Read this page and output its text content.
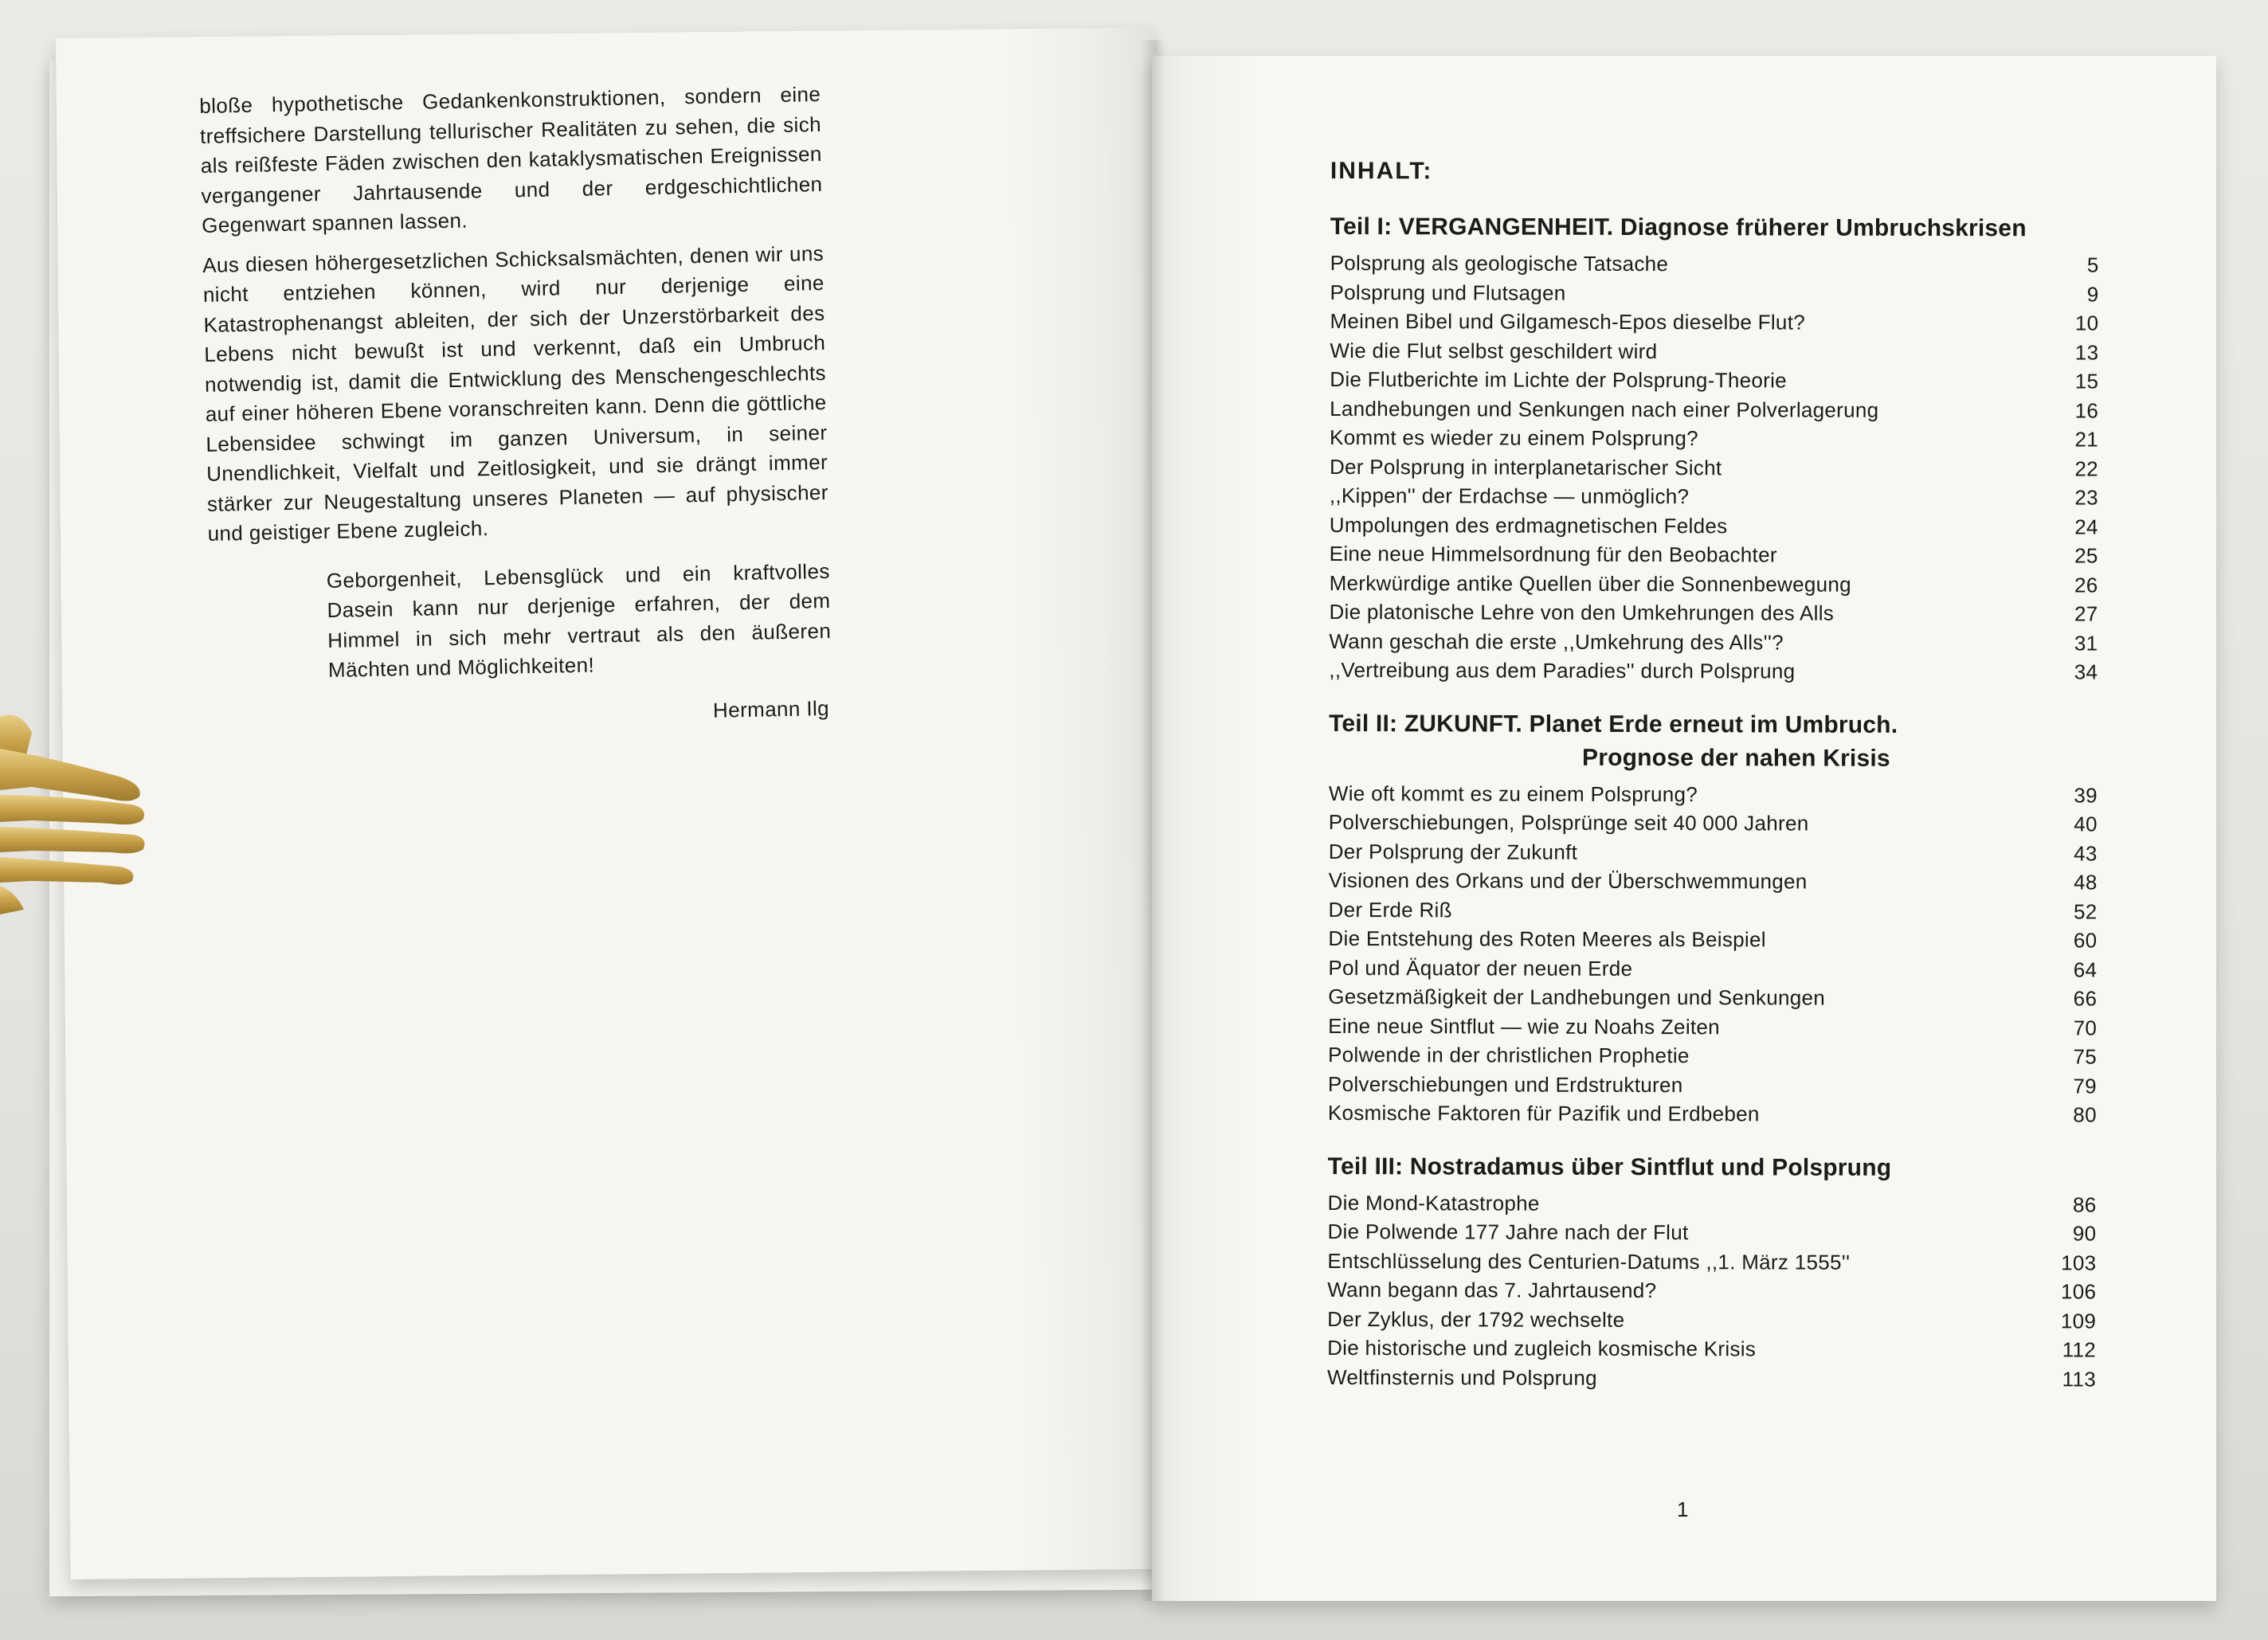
bloße hypothetische Gedankenkonstruktionen, sondern eine treffsichere Darstellung tellurischer Realitäten zu sehen, die sich als reißfeste Fäden zwischen den kataklysmatischen Ereignissen vergangener Jahrtausende und der erdgeschichtlichen Gegenwart spannen lassen.

Aus diesen höhergesetzlichen Schicksalsmächten, denen wir uns nicht entziehen können, wird nur derjenige eine Katastrophenangst ableiten, der sich der Unzerstörbarkeit des Lebens nicht bewußt ist und verkennt, daß ein Umbruch notwendig ist, damit die Entwicklung des Menschengeschlechts auf einer höheren Ebene voranschreiten kann. Denn die göttliche Lebensidee schwingt im ganzen Universum, in seiner Unendlichkeit, Vielfalt und Zeitlosigkeit, und sie drängt immer stärker zur Neugestaltung unseres Planeten — auf physischer und geistiger Ebene zugleich.

Geborgenheit, Lebensglück und ein kraftvolles Dasein kann nur derjenige erfahren, der dem Himmel in sich mehr vertraut als den äußeren Mächten und Möglichkeiten!

Hermann Ilg
INHALT:
Teil I: VERGANGENHEIT. Diagnose früherer Umbruchskrisen
Polsprung als geologische Tatsache	5
Polsprung und Flutsagen	9
Meinen Bibel und Gilgamesch-Epos dieselbe Flut?	10
Wie die Flut selbst geschildert wird	13
Die Flutberichte im Lichte der Polsprung-Theorie	15
Landhebungen und Senkungen nach einer Polverlagerung	16
Kommt es wieder zu einem Polsprung?	21
Der Polsprung in interplanetarischer Sicht	22
,,Kippen'' der Erdachse — unmöglich?	23
Umpolungen des erdmagnetischen Feldes	24
Eine neue Himmelsordnung für den Beobachter	25
Merkwürdige antike Quellen über die Sonnenbewegung	26
Die platonische Lehre von den Umkehrungen des Alls	27
Wann geschah die erste ,,Umkehrung des Alls''?	31
,,Vertreibung aus dem Paradies'' durch Polsprung	34
Teil II: ZUKUNFT. Planet Erde erneut im Umbruch.
Prognose der nahen Krisis
Wie oft kommt es zu einem Polsprung?	39
Polverschiebungen, Polsprünge seit 40 000 Jahren	40
Der Polsprung der Zukunft	43
Visionen des Orkans und der Überschwemmungen	48
Der Erde Riß	52
Die Entstehung des Roten Meeres als Beispiel	60
Pol und Äquator der neuen Erde	64
Gesetzmäßigkeit der Landhebungen und Senkungen	66
Eine neue Sintflut — wie zu Noahs Zeiten	70
Polwende in der christlichen Prophetie	75
Polverschiebungen und Erdstrukturen	79
Kosmische Faktoren für Pazifik und Erdbeben	80
Teil III: Nostradamus über Sintflut und Polsprung
Die Mond-Katastrophe	86
Die Polwende 177 Jahre nach der Flut	90
Entschlüsselung des Centurien-Datums ,,1. März 1555''	103
Wann begann das 7. Jahrtausend?	106
Der Zyklus, der 1792 wechselte	109
Die historische und zugleich kosmische Krisis	112
Weltfinsternis und Polsprung	113
1
